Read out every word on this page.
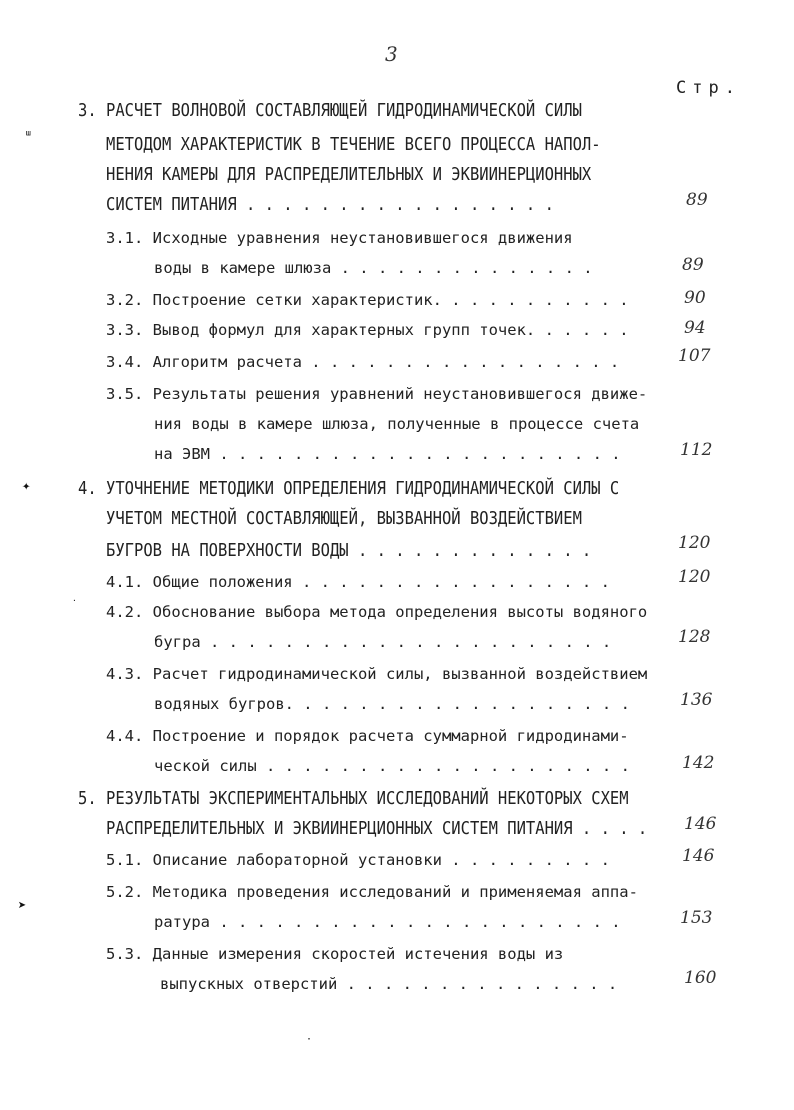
3
Стр.
3. РАСЧЕТ ВОЛНОВОЙ СОСТАВЛЯЮЩЕЙ ГИДРОДИНАМИЧЕСКОЙ СИЛЫ
МЕТОДОМ ХАРАКТЕРИСТИК В ТЕЧЕНИЕ ВСЕГО ПРОЦЕССА НАПОЛ-
НЕНИЯ КАМЕРЫ ДЛЯ РАСПРЕДЕЛИТЕЛЬНЫХ И ЭКВИИНЕРЦИОННЫХ
СИСТЕМ ПИТАНИЯ . . . . . . . . . . . . . . . . .	89
3.1. Исходные уравнения неустановившегося движения
воды в камере шлюза . . . . . . . . . . . . . .	89
3.2. Построение сетки характеристик. . . . . . . . . . .	90
3.3. Вывод формул для характерных групп точек. . . . . .	94
3.4. Алгоритм расчета . . . . . . . . . . . . . . . . .	107
3.5. Результаты решения уравнений неустановившегося движе-
ния воды в камере шлюза, полученные в процессе счета
на ЭВМ . . . . . . . . . . . . . . . . . . . . . .	112
4. УТОЧНЕНИЕ МЕТОДИКИ ОПРЕДЕЛЕНИЯ ГИДРОДИНАМИЧЕСКОЙ СИЛЫ С
УЧЕТОМ МЕСТНОЙ СОСТАВЛЯЮЩЕЙ, ВЫЗВАННОЙ ВОЗДЕЙСТВИЕМ
БУГРОВ НА ПОВЕРХНОСТИ ВОДЫ . . . . . . . . . . . . .	120
4.1. Общие положения . . . . . . . . . . . . . . . . .	120
4.2. Обоснование выбора метода определения высоты водяного
бугра . . . . . . . . . . . . . . . . . . . . . .	128
4.3. Расчет гидродинамической силы, вызванной воздействием
водяных бугров. . . . . . . . . . . . . . . . . . .	136
4.4. Построение и порядок расчета суммарной гидродинами-
ческой силы . . . . . . . . . . . . . . . . . . . .	142
5. РЕЗУЛЬТАТЫ ЭКСПЕРИМЕНТАЛЬНЫХ ИССЛЕДОВАНИЙ НЕКОТОРЫХ СХЕМ
РАСПРЕДЕЛИТЕЛЬНЫХ И ЭКВИИНЕРЦИОННЫХ СИСТЕМ ПИТАНИЯ . . . . 146
5.1. Описание лабораторной установки . . . . . . . . .	146
5.2. Методика проведения исследований и применяемая аппа-
ратура . . . . . . . . . . . . . . . . . . . . . .	153
5.3. Данные измерения скоростей истечения воды из
выпускных отверстий . . . . . . . . . . . . . . .	160
ᵚ
✦
➤
·
·
